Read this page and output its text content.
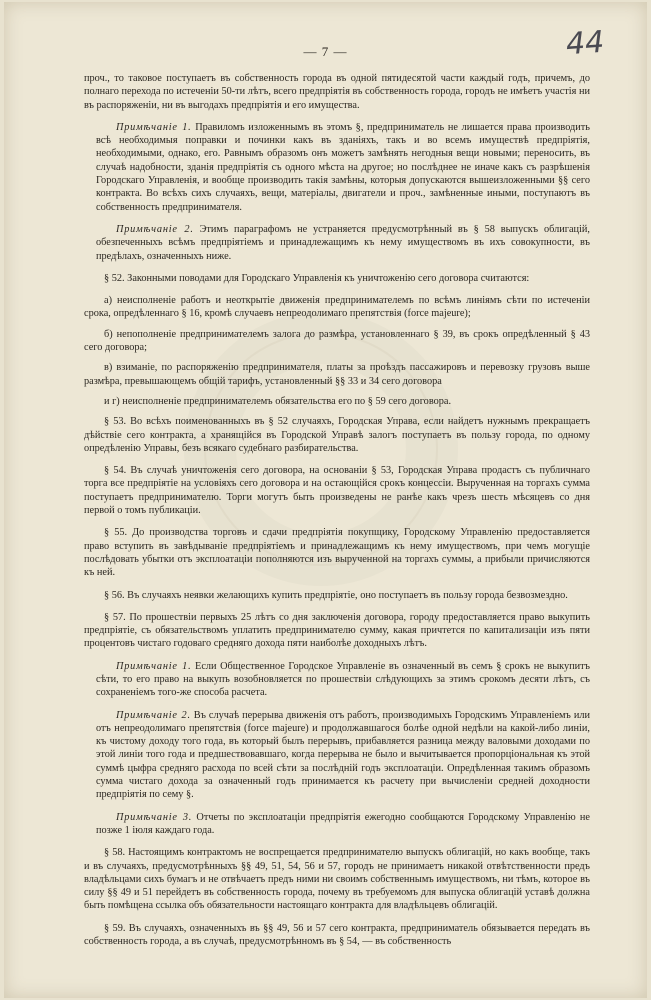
— 7 —	44

проч., то таковое поступаетъ въ собственность города въ одной пятидесятой части каждый годъ, причемъ, до полнаго перехода по истеченіи 50-ти лѣтъ, всего предпріятія въ собственность города, городъ не имѣетъ участія ни въ распоряженіи, ни въ выгодахъ предпріятія и его имущества.

Примѣчаніе 1. Правиломъ изложеннымъ въ этомъ §, предприниматель не лишается права производить всѣ необходимыя поправки и починки какъ въ зданіяхъ, такъ и во всемъ имуществѣ предпріятія, необходимыми, однако, его. Равнымъ образомъ онъ можетъ замѣнять негодныя вещи новыми; переносить, въ случаѣ надобности, зданія предпріятія съ одного мѣста на другое; но послѣднее не иначе какъ съ разрѣшенія Городскаго Управленія, и вообще производить такія замѣны, которыя допускаются вышеизложенными §§ сего контракта. Во всѣхъ сихъ случаяхъ, вещи, матеріалы, двигатели и проч., замѣненные иными, поступаютъ въ собственность предпринимателя.

Примѣчаніе 2. Этимъ параграфомъ не устраняется предусмотрѣнный въ § 58 выпускъ облигацій, обезпеченныхъ всѣмъ предпріятіемъ и принадлежащимъ къ нему имуществомъ въ ихъ совокупности, въ предѣлахъ, означенныхъ ниже.

§ 52. Законными поводами для Городскаго Управленія къ уничтоженію сего договора считаются:

а) неисполненіе работъ и неоткрытіе движенія предпринимателемъ по всѣмъ линіямъ сѣти по истеченіи срока, опредѣленнаго § 16, кромѣ случаевъ непреодолимаго препятствія (force majeure);

б) непополненіе предпринимателемъ залога до размѣра, установленнаго § 39, въ срокъ опредѣленный § 43 сего договора;

в) взиманіе, по распоряженію предпринимателя, платы за проѣздъ пассажировъ и перевозку грузовъ выше размѣра, превышающемъ общій тарифъ, установленный §§ 33 и 34 сего договора

и г) неисполненіе предпринимателемъ обязательства его по § 59 сего договора.

§ 53. Во всѣхъ поименованныхъ въ § 52 случаяхъ, Городская Управа, если найдетъ нужнымъ прекращаетъ дѣйствіе сего контракта, а хранящійся въ Городской Управѣ залогъ поступаетъ въ пользу города, по одному опредѣленію Управы, безъ всякаго судебнаго разбирательства.

§ 54. Въ случаѣ уничтоженія сего договора, на основаніи § 53, Городская Управа продастъ съ публичнаго торга все предпріятіе на условіяхъ сего договора и на остающійся срокъ концессіи. Вырученная на торгахъ сумма поступаетъ предпринимателю. Торги могутъ быть произведены не ранѣе какъ чрезъ шесть мѣсяцевъ со дня первой о томъ публикаціи.

§ 55. До производства торговъ и сдачи предпріятія покупщику, Городскому Управленію предоставляется право вступить въ завѣдываніе предпріятіемъ и принадлежащимъ къ нему имуществомъ, при чемъ могущіе послѣдовать убытки отъ эксплоатаціи пополняются изъ вырученной на торгахъ суммы, а прибыли причисляются къ ней.

§ 56. Въ случаяхъ неявки желающихъ купить предпріятіе, оно поступаетъ въ пользу города безвозмездно.

§ 57. По прошествіи первыхъ 25 лѣтъ со дня заключенія договора, городу предоставляется право выкупить предпріятіе, съ обязательствомъ уплатить предпринимателю сумму, какая причтется по капитализаціи изъ пяти процентовъ чистаго годоваго средняго дохода пяти наиболѣе доходныхъ лѣтъ.

Примѣчаніе 1. Если Общественное Городское Управленіе въ означенный въ семъ § срокъ не выкупитъ сѣти, то его право на выкупъ возобновляется по прошествіи слѣдующихъ за этимъ срокомъ десяти лѣтъ, съ сохраненіемъ того-же способа расчета.

Примѣчаніе 2. Въ случаѣ перерыва движенія отъ работъ, производимыхъ Городскимъ Управленіемъ или отъ непреодолимаго препятствія (force majeure) и продолжавшагося болѣе одной недѣли на какой-либо линіи, къ чистому доходу того года, въ который былъ перерывъ, прибавляется разница между валовыми доходами по этой линіи того года и предшествовавшаго, когда перерыва не было и вычитывается пропорціональная къ этой суммѣ цыфра средняго расхода по всей сѣти за послѣдній годъ эксплоатаціи. Опредѣленная такимъ образомъ сумма чистаго дохода за означенный годъ принимается къ расчету при вычисленіи средней доходности предпріятія по сему §.

Примѣчаніе 3. Отчеты по эксплоатаціи предпріятія ежегодно сообщаются Городскому Управленію не позже 1 іюля каждаго года.

§ 58. Настоящимъ контрактомъ не воспрещается предпринимателю выпускъ облигацій, но какъ вообще, такъ и въ случаяхъ, предусмотрѣнныхъ §§ 49, 51, 54, 56 и 57, городъ не принимаетъ никакой отвѣтственности предъ владѣльцами сихъ бумагъ и не отвѣчаетъ предъ ними ни своимъ собственнымъ имуществомъ, ни тѣмъ, которое въ силу §§ 49 и 51 перейдетъ въ собственность города, почему въ требуемомъ для выпуска облигацій уставѣ должна быть помѣщена ссылка объ обязательности настоящаго контракта для владѣльцевъ облигацій.

§ 59. Въ случаяхъ, означенныхъ въ §§ 49, 56 и 57 сего контракта, предприниматель обязывается передать въ собственность города, а въ случаѣ, предусмотрѣнномъ въ § 54, — въ собственность
